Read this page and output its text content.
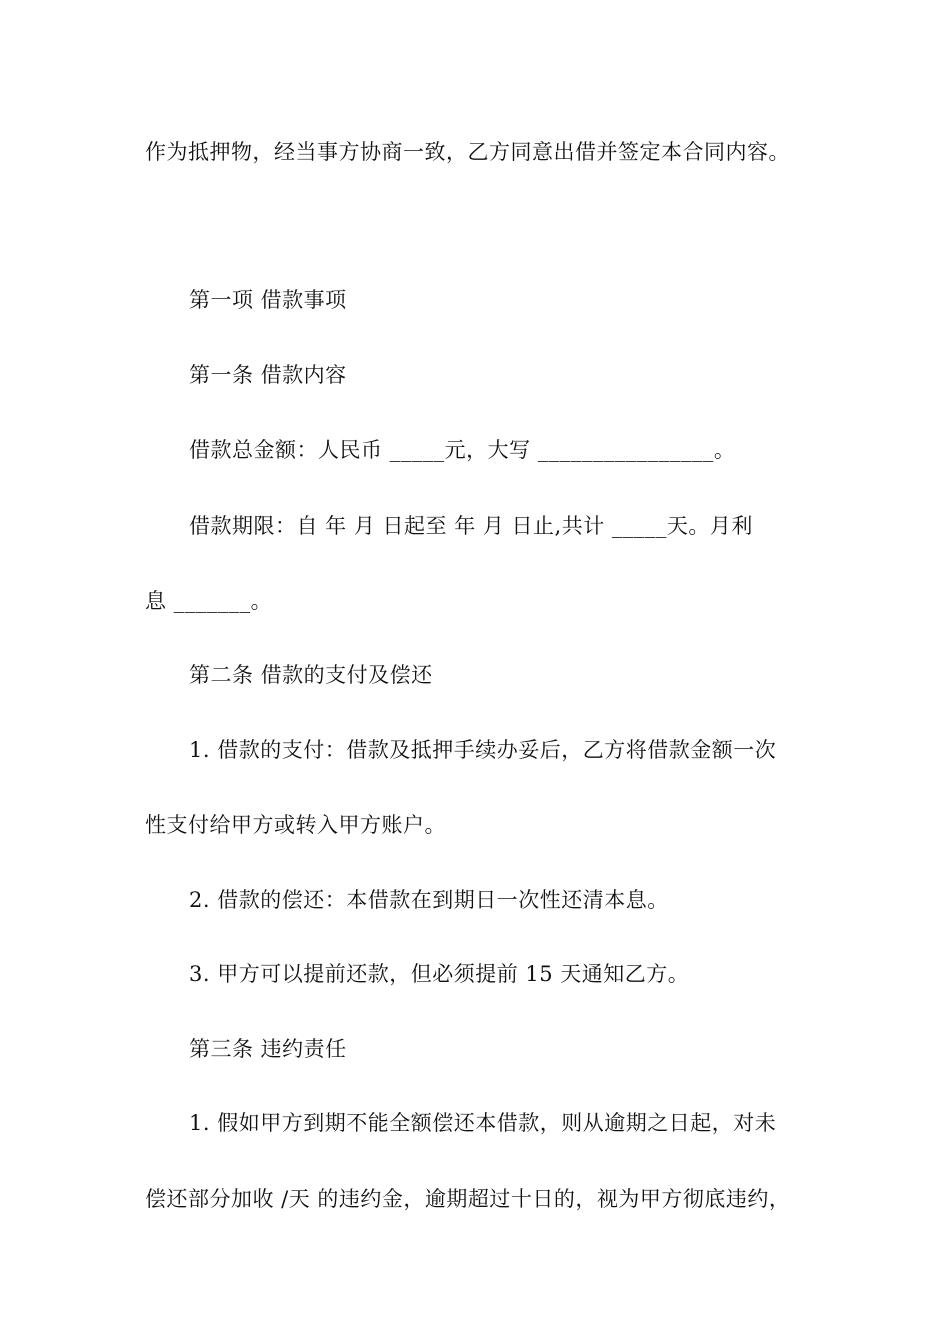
作为抵押物，经当事方协商一致，乙方同意出借并签定本合同内容。
第一项 借款事项
第一条 借款内容
借款总金额：人民币 _____元，大写 ________________。
借款期限：自 年 月 日起至 年 月 日止,共计 _____天。月利
息 _______。
第二条 借款的支付及偿还
1. 借款的支付：借款及抵押手续办妥后，乙方将借款金额一次
性支付给甲方或转入甲方账户。
2. 借款的偿还：本借款在到期日一次性还清本息。
3. 甲方可以提前还款，但必须提前 15 天通知乙方。
第三条 违约责任
1. 假如甲方到期不能全额偿还本借款，则从逾期之日起，对未
偿还部分加收 /天 的违约金，逾期超过十日的，视为甲方彻底违约，
